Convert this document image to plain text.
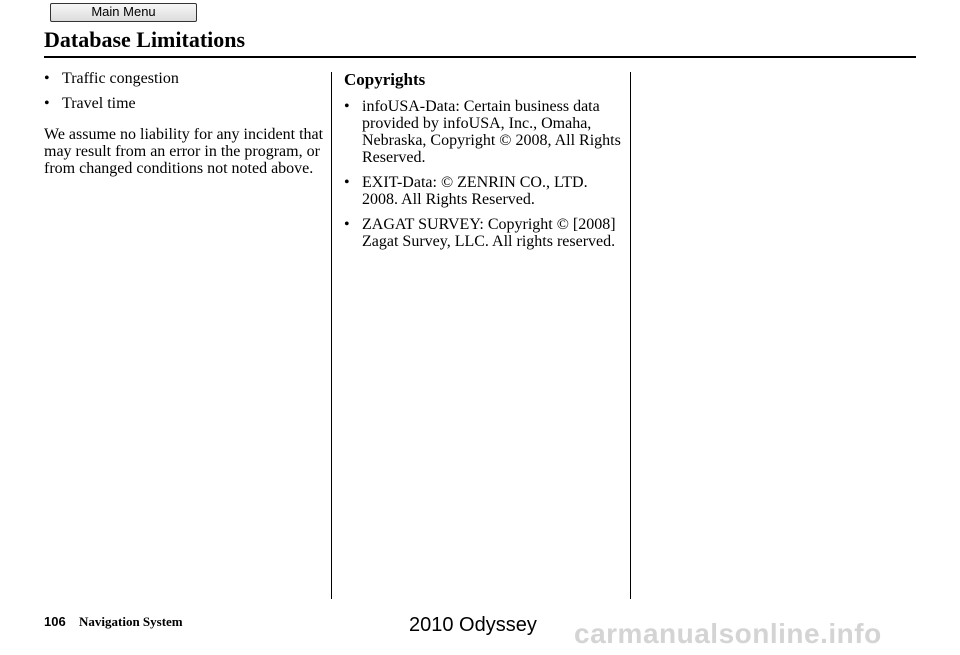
Main Menu
Database Limitations
• Traffic congestion
• Travel time

We assume no liability for any incident that may result from an error in the program, or from changed conditions not noted above.

Copyrights
• infoUSA-Data: Certain business data provided by infoUSA, Inc., Omaha, Nebraska, Copyright © 2008, All Rights Reserved.
• EXIT-Data: © ZENRIN CO., LTD. 2008. All Rights Reserved.
• ZAGAT SURVEY: Copyright © [2008] Zagat Survey, LLC. All rights reserved.
106 Navigation System	2010 Odyssey carmanualsonline.info
